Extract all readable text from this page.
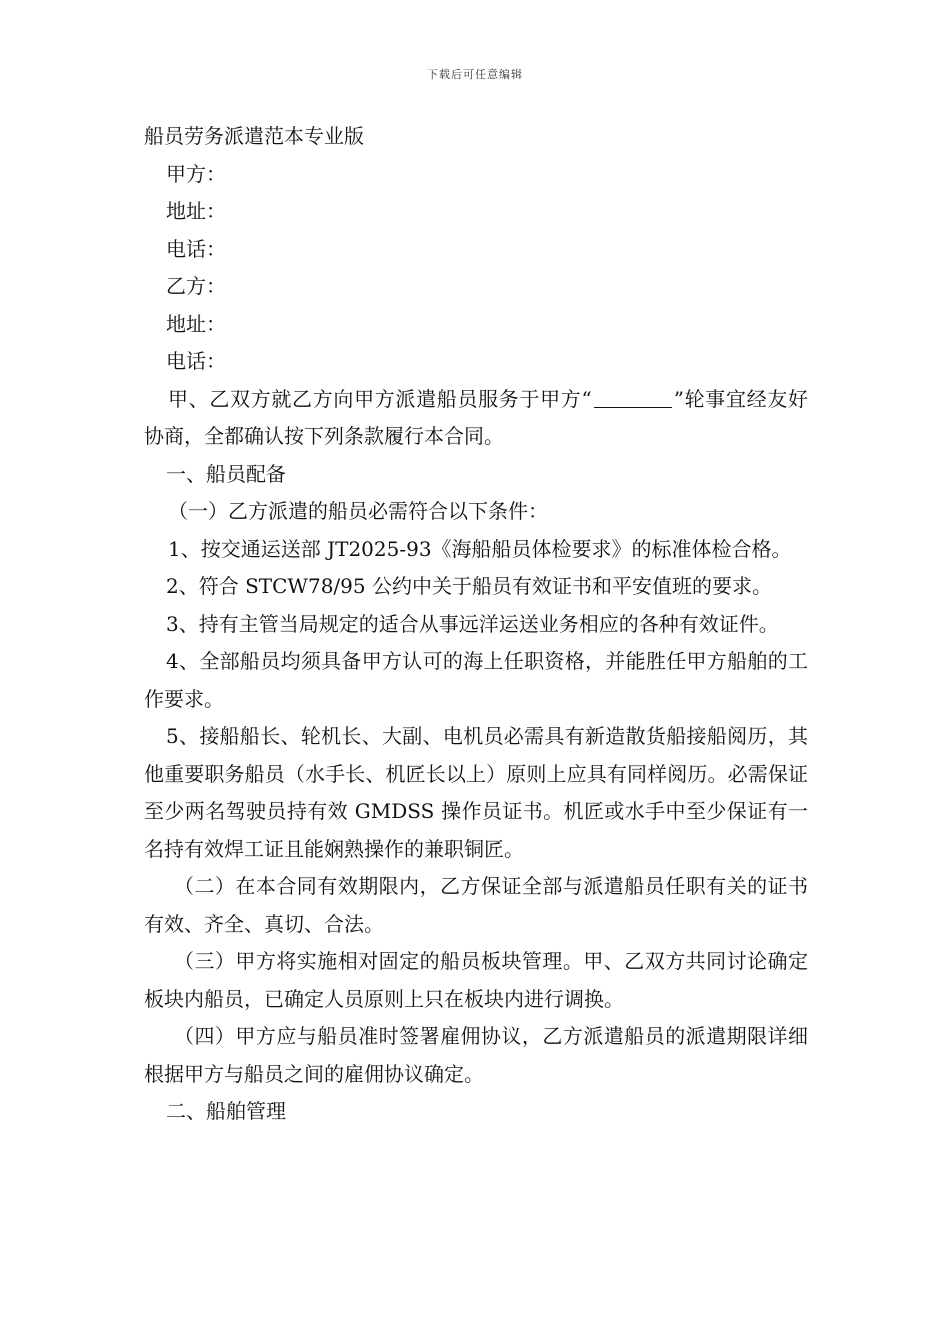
下载后可任意编辑

船员劳务派遣范本专业版

甲方：

地址：

电话：

乙方：

地址：

电话：

甲、乙双方就乙方向甲方派遣船员服务于甲方“	”轮事宜经友好协商，全都确认按下列条款履行本合同。

一、船员配备

（一）乙方派遣的船员必需符合以下条件：

1、按交通运送部 JT2025-93《海船船员体检要求》的标准体检合格。

2、符合 STCW78/95 公约中关于船员有效证书和平安值班的要求。

3、持有主管当局规定的适合从事远洋运送业务相应的各种有效证件。

4、全部船员均须具备甲方认可的海上任职资格，并能胜任甲方船舶的工作要求。

5、接船船长、轮机长、大副、电机员必需具有新造散货船接船阅历，其他重要职务船员（水手长、机匠长以上）原则上应具有同样阅历。必需保证至少两名驾驶员持有效 GMDSS 操作员证书。机匠或水手中至少保证有一名持有效焊工证且能娴熟操作的兼职铜匠。

（二）在本合同有效期限内，乙方保证全部与派遣船员任职有关的证书有效、齐全、真切、合法。

（三）甲方将实施相对固定的船员板块管理。甲、乙双方共同讨论确定板块内船员，已确定人员原则上只在板块内进行调换。

（四）甲方应与船员准时签署雇佣协议，乙方派遣船员的派遣期限详细根据甲方与船员之间的雇佣协议确定。

二、船舶管理
